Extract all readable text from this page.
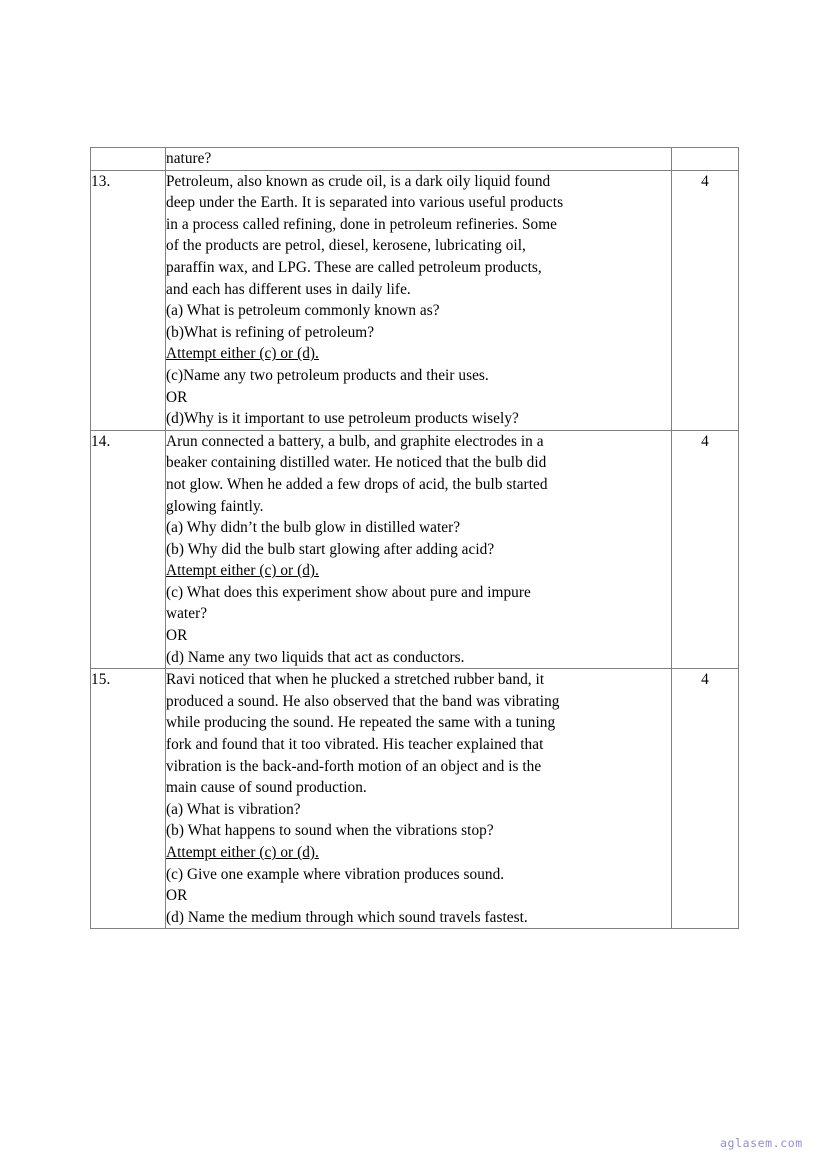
	nature?	

13.	Petroleum, also known as crude oil, is a dark oily liquid found
deep under the Earth. It is separated into various useful products
in a process called refining, done in petroleum refineries. Some
of the products are petrol, diesel, kerosene, lubricating oil,
paraffin wax, and LPG. These are called petroleum products,
and each has different uses in daily life.
(a) What is petroleum commonly known as?
(b)What is refining of petroleum?
Attempt either (c) or (d).
(c)Name any two petroleum products and their uses.
OR
(d)Why is it important to use petroleum products wisely?
	4
14.	Arun connected a battery, a bulb, and graphite electrodes in a
beaker containing distilled water. He noticed that the bulb did
not glow. When he added a few drops of acid, the bulb started
glowing faintly.
(a) Why didn’t the bulb glow in distilled water?
(b) Why did the bulb start glowing after adding acid?
Attempt either (c) or (d).
(c) What does this experiment show about pure and impure
water?
OR
(d) Name any two liquids that act as conductors.
	4
15.	Ravi noticed that when he plucked a stretched rubber band, it
produced a sound. He also observed that the band was vibrating
while producing the sound. He repeated the same with a tuning
fork and found that it too vibrated. His teacher explained that
vibration is the back-and-forth motion of an object and is the
main cause of sound production.
(a) What is vibration?
(b) What happens to sound when the vibrations stop?
Attempt either (c) or (d).
(c) Give one example where vibration produces sound.
OR
(d) Name the medium through which sound travels fastest.
	4
aglasem.com
